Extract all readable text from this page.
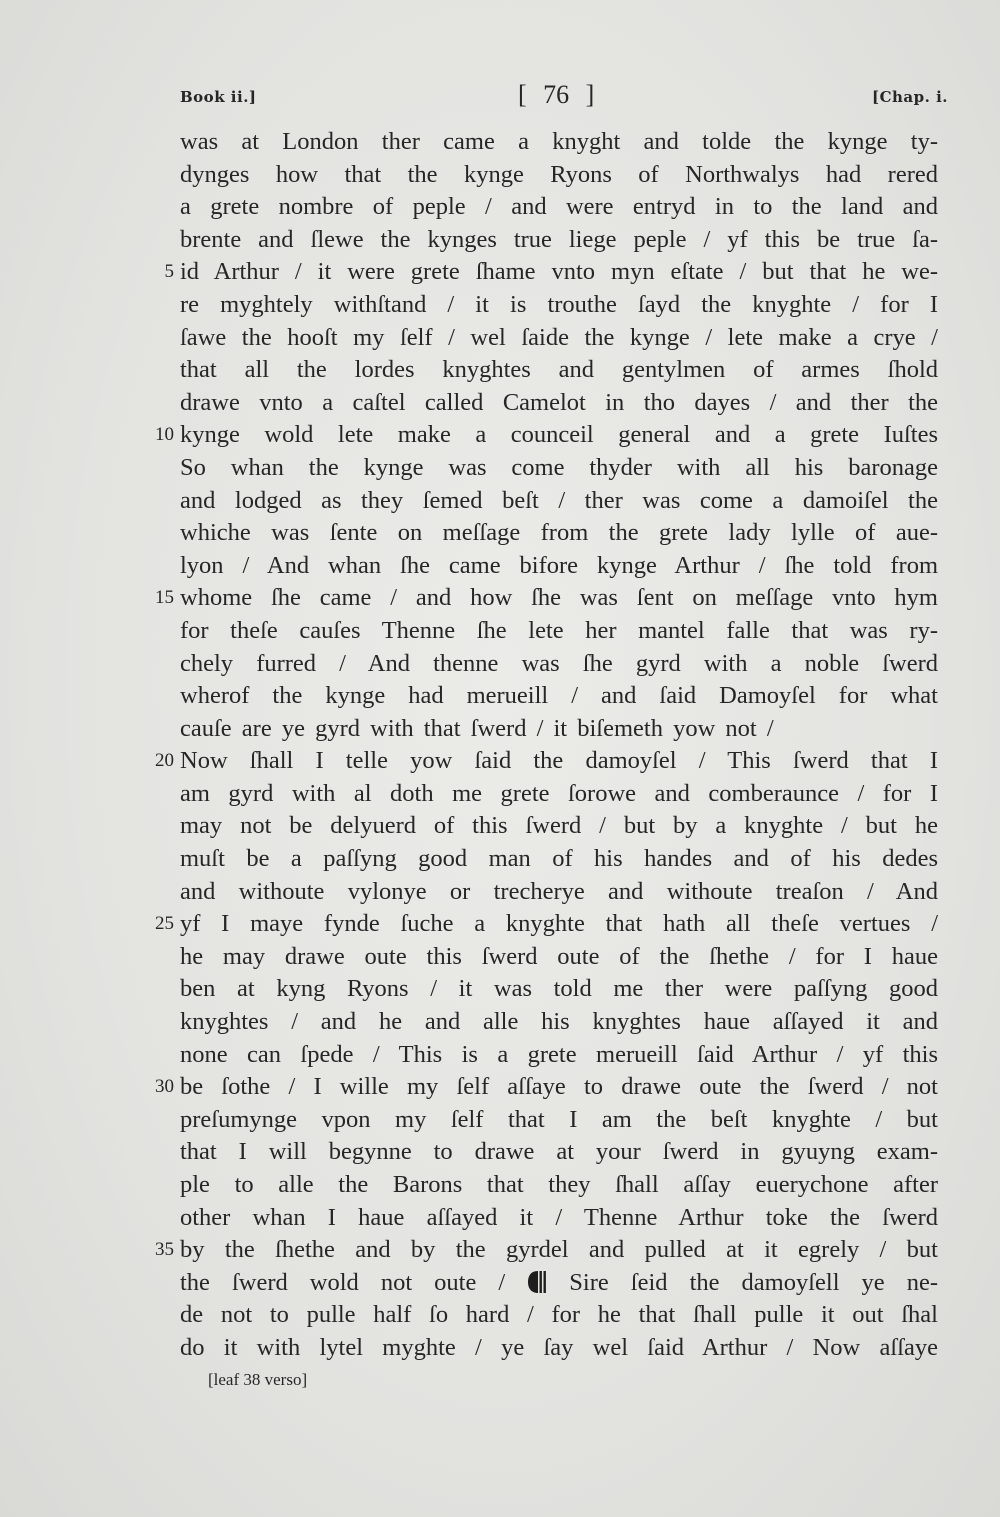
Book ii.]	[ 76 ]	[Chap. i.
was at London ther came a knyght and tolde the kynge ty-
dynges how that the kynge Ryons of Northwalys had rered
a grete nombre of peple / and were entryd in to the land and
brente and ſlewe the kynges true liege peple / yf this be true ſa-
5 id Arthur / it were grete ſhame vnto myn eſtate / but that he we-
re myghtely withſtand / it is trouthe ſayd the knyghte / for I
ſawe the hooſt my ſelf / wel ſaide the kynge / lete make a crye /
that all the lordes knyghtes and gentylmen of armes ſhold
drawe vnto a caſtel called Camelot in tho dayes / and ther the
10 kynge wold lete make a counceil general and a grete Iuſtes
So whan the kynge was come thyder with all his baronage
and lodged as they ſemed beſt / ther was come a damoiſel the
whiche was ſente on meſſage from the grete lady lylle of aue-
lyon / And whan ſhe came bifore kynge Arthur / ſhe told from
15 whome ſhe came / and how ſhe was ſent on meſſage vnto hym
for theſe cauſes Thenne ſhe lete her mantel falle that was ry-
chely furred / And thenne was ſhe gyrd with a noble ſwerd
wherof the kynge had merueill / and ſaid Damoyſel for what
cauſe are ye gyrd with that ſwerd / it biſemeth yow not /
20 Now ſhall I telle yow ſaid the damoyſel / This ſwerd that I
am gyrd with al doth me grete ſorowe and comberaunce / for I
may not be delyuerd of this ſwerd / but by a knyghte / but he
muſt be a paſſyng good man of his handes and of his dedes
and withoute vylonye or trecherye and withoute treaſon / And
25 yf I maye fynde ſuche a knyghte that hath all theſe vertues /
he may drawe oute this ſwerd oute of the ſhethe / for I haue
ben at kyng Ryons / it was told me ther were paſſyng good
knyghtes / and he and alle his knyghtes haue aſſayed it and
none can ſpede / This is a grete merueill ſaid Arthur / yf this
30 be ſothe / I wille my ſelf aſſaye to drawe oute the ſwerd / not
preſumynge vpon my ſelf that I am the beſt knyghte / but
that I will begynne to drawe at your ſwerd in gyuyng exam-
ple to alle the Barons that they ſhall aſſay euerychone after
other whan I haue aſſayed it / Thenne Arthur toke the ſwerd
35 by the ſhethe and by the gyrdel and pulled at it egrely / but
the ſwerd wold not oute /	Sire ſeid the damoyſell ye ne-
de not to pulle half ſo hard / for he that ſhall pulle it out ſhal
do it with lytel myghte / ye ſay wel ſaid Arthur / Now aſſaye
[leaf 38 verso]
